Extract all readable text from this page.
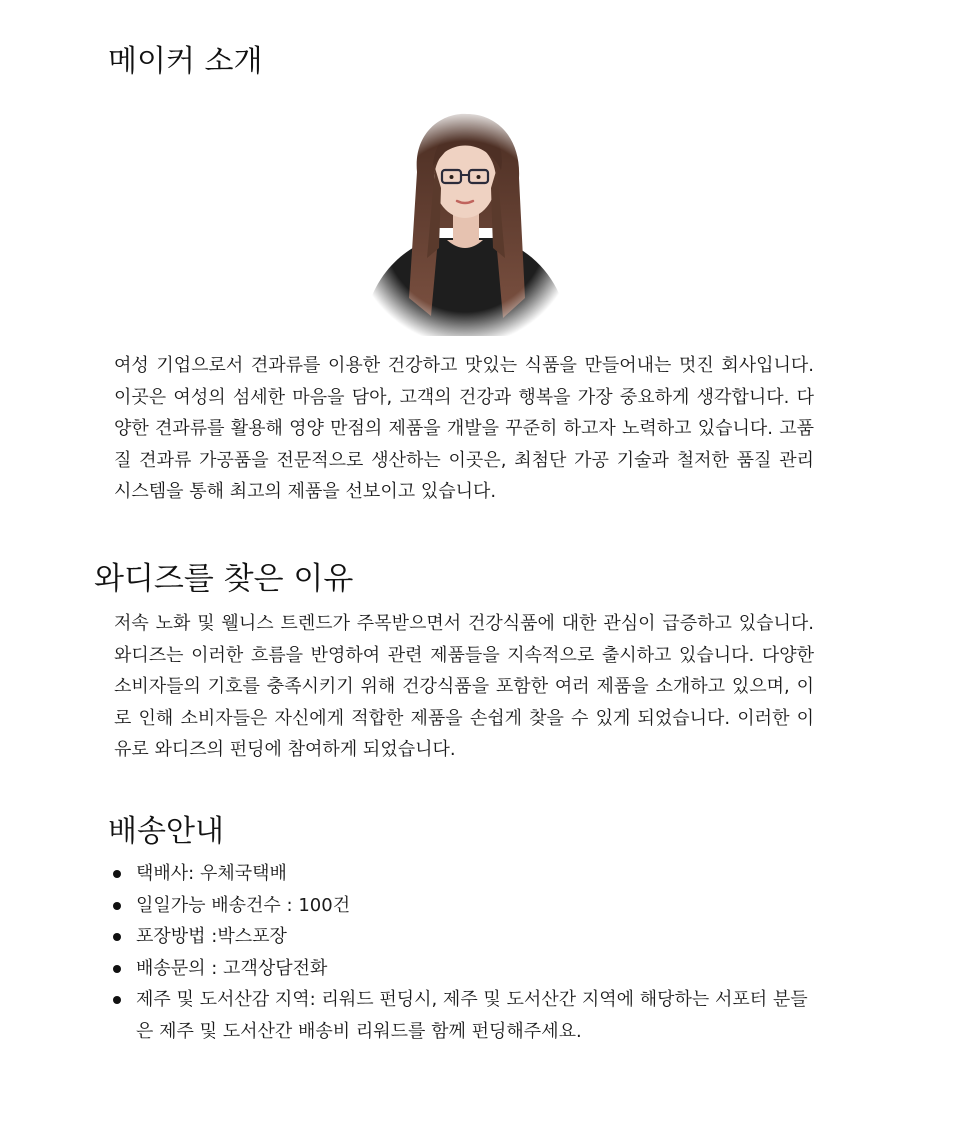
메이커 소개

여성 기업으로서 견과류를 이용한 건강하고 맛있는 식품을 만들어내는 멋진 회사입니다. 이곳은 여성의 섬세한 마음을 담아, 고객의 건강과 행복을 가장 중요하게 생각합니다. 다양한 견과류를 활용해 영양 만점의 제품을 개발을 꾸준히 하고자 노력하고 있습니다. 고품질 견과류 가공품을 전문적으로 생산하는 이곳은, 최첨단 가공 기술과 철저한 품질 관리 시스템을 통해 최고의 제품을 선보이고 있습니다.

와디즈를 찾은 이유

저속 노화 및 웰니스 트렌드가 주목받으면서 건강식품에 대한 관심이 급증하고 있습니다. 와디즈는 이러한 흐름을 반영하여 관련 제품들을 지속적으로 출시하고 있습니다. 다양한 소비자들의 기호를 충족시키기 위해 건강식품을 포함한 여러 제품을 소개하고 있으며, 이로 인해 소비자들은 자신에게 적합한 제품을 손쉽게 찾을 수 있게 되었습니다. 이러한 이유로 와디즈의 펀딩에 참여하게 되었습니다.

배송안내
택배사: 우체국택배
일일가능 배송건수 : 100건
포장방법 :박스포장
배송문의 : 고객상담전화
제주 및 도서산감 지역: 리워드 펀딩시, 제주 및 도서산간 지역에 해당하는 서포터 분들은 제주 및 도서산간 배송비 리워드를 함께 펀딩해주세요.
